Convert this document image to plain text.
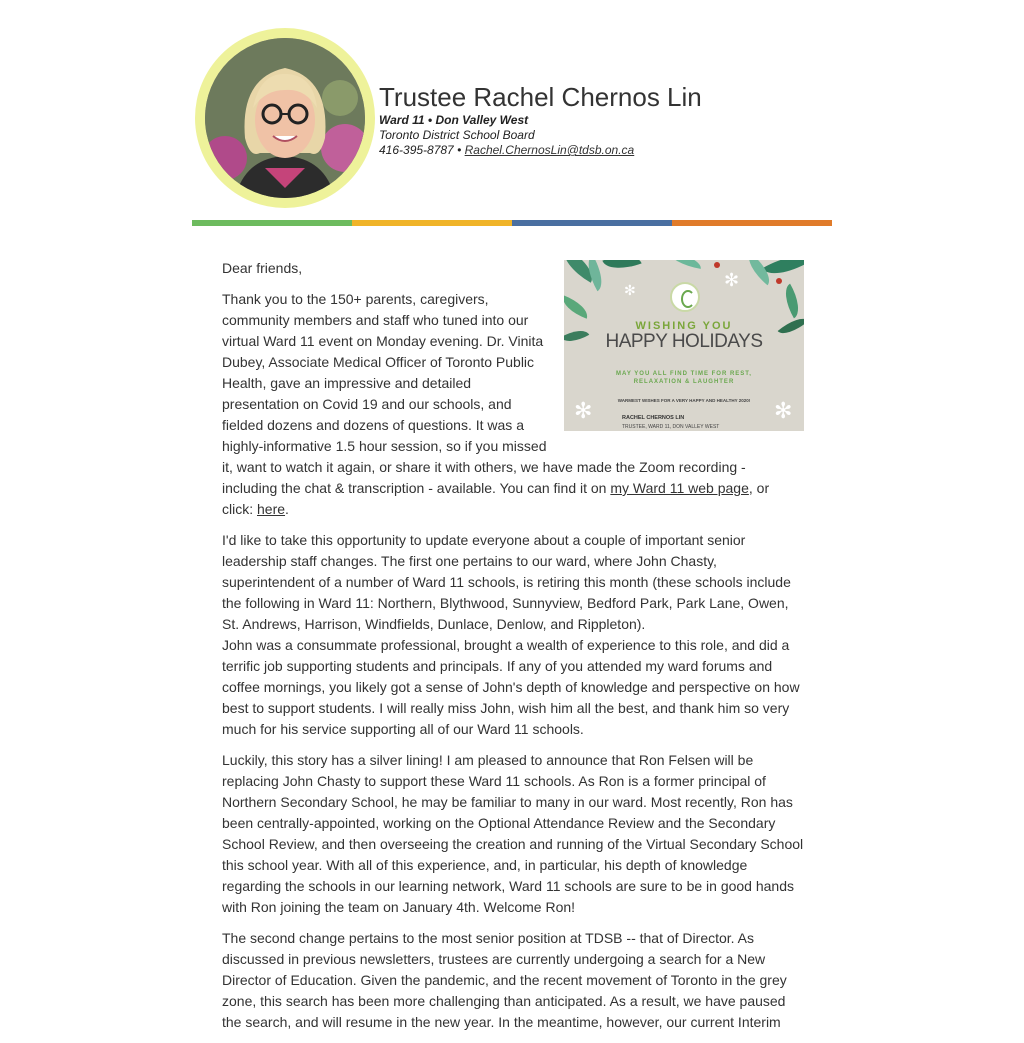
Trustee Rachel Chernos Lin
Ward 11 • Don Valley West
Toronto District School Board
416-395-8787 • Rachel.ChernosLin@tdsb.on.ca
✻	✻
✻	✻
WISHING YOU
HAPPY HOLIDAYS
MAY YOU ALL FIND TIME FOR REST,
RELAXATION & LAUGHTER
WARMEST WISHES FOR A VERY HAPPY AND HEALTHY 2020!
RACHEL CHERNOS LIN
TRUSTEE, WARD 11, DON VALLEY WEST

Dear friends,

Thank you to the 150+ parents, caregivers, community members and staff who tuned into our virtual Ward 11 event on Monday evening. Dr. Vinita Dubey, Associate Medical Officer of Toronto Public Health, gave an impressive and detailed presentation on Covid 19 and our schools, and fielded dozens and dozens of questions. It was a highly-informative 1.5 hour session, so if you missed it, want to watch it again, or share it with others, we have made the Zoom recording - including the chat & transcription - available. You can find it on my Ward 11 web page, or click: here.

I'd like to take this opportunity to update everyone about a couple of important senior leadership staff changes. The first one pertains to our ward, where John Chasty, superintendent of a number of Ward 11 schools, is retiring this month (these schools include the following in Ward 11: Northern, Blythwood, Sunnyview, Bedford Park, Park Lane, Owen, St. Andrews, Harrison, Windfields, Dunlace, Denlow, and Rippleton).
John was a consummate professional, brought a wealth of experience to this role, and did a terrific job supporting students and principals. If any of you attended my ward forums and coffee mornings, you likely got a sense of John's depth of knowledge and perspective on how best to support students. I will really miss John, wish him all the best, and thank him so very much for his service supporting all of our Ward 11 schools.

Luckily, this story has a silver lining! I am pleased to announce that Ron Felsen will be replacing John Chasty to support these Ward 11 schools. As Ron is a former principal of Northern Secondary School, he may be familiar to many in our ward. Most recently, Ron has been centrally-appointed, working on the Optional Attendance Review and the Secondary School Review, and then overseeing the creation and running of the Virtual Secondary School this school year. With all of this experience, and, in particular, his depth of knowledge regarding the schools in our learning network, Ward 11 schools are sure to be in good hands with Ron joining the team on January 4th. Welcome Ron!

The second change pertains to the most senior position at TDSB -- that of Director. As discussed in previous newsletters, trustees are currently undergoing a search for a New Director of Education. Given the pandemic, and the recent movement of Toronto in the grey zone, this search has been more challenging than anticipated. As a result, we have paused the search, and will resume in the new year. In the meantime, however, our current Interim
